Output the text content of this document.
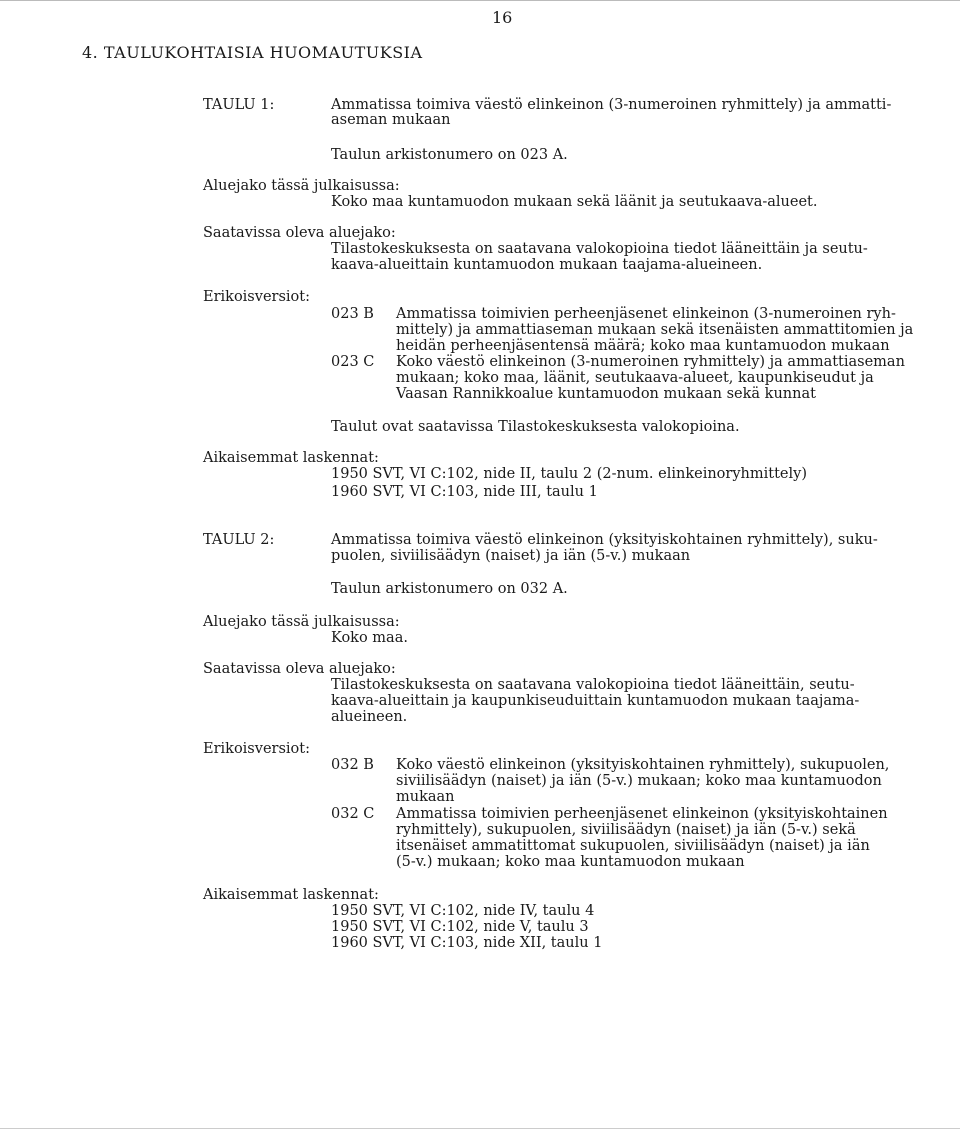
16
4. TAULUKOHTAISIA HUOMAUTUKSIA
TAULU 1:	Ammatissa toimiva väestö elinkeinon (3-numeroinen ryhmittely) ja ammatti-
aseman mukaan
Taulun arkistonumero on 023 A.
Aluejako tässä julkaisussa:
Koko maa kuntamuodon mukaan sekä läänit ja seutukaava-alueet.
Saatavissa oleva aluejako:
Tilastokeskuksesta on saatavana valokopioina tiedot lääneittäin ja seutu-
kaava-alueittain kuntamuodon mukaan taajama-alueineen.
Erikoisversiot:
023 B Ammatissa toimivien perheenjäsenet elinkeinon (3-numeroinen ryh-
mittely) ja ammattiaseman mukaan sekä itsenäisten ammattitomien ja
heidän perheenjäsentensä määrä; koko maa kuntamuodon mukaan
023 C Koko väestö elinkeinon (3-numeroinen ryhmittely) ja ammattiaseman
mukaan; koko maa, läänit, seutukaava-alueet, kaupunkiseudut ja
Vaasan Rannikkoalue kuntamuodon mukaan sekä kunnat
Taulut ovat saatavissa Tilastokeskuksesta valokopioina.
Aikaisemmat laskennat:
1950 SVT, VI C:102, nide II, taulu 2 (2-num. elinkeinoryhmittely)
1960 SVT, VI C:103, nide III, taulu 1
TAULU 2:	Ammatissa toimiva väestö elinkeinon (yksityiskohtainen ryhmittely), suku-
puolen, siviilisäädyn (naiset) ja iän (5-v.) mukaan
Taulun arkistonumero on 032 A.
Aluejako tässä julkaisussa:
Koko maa.
Saatavissa oleva aluejako:
Tilastokeskuksesta on saatavana valokopioina tiedot lääneittäin, seutu-
kaava-alueittain ja kaupunkiseuduittain kuntamuodon mukaan taajama-
alueineen.
Erikoisversiot:
032 B Koko väestö elinkeinon (yksityiskohtainen ryhmittely), sukupuolen,
siviilisäädyn (naiset) ja iän (5-v.) mukaan; koko maa kuntamuodon
mukaan
032 C Ammatissa toimivien perheenjäsenet elinkeinon (yksityiskohtainen
ryhmittely), sukupuolen, siviilisäädyn (naiset) ja iän (5-v.) sekä
itsenäiset ammatittomat sukupuolen, siviilisäädyn (naiset) ja iän
(5-v.) mukaan; koko maa kuntamuodon mukaan
Aikaisemmat laskennat:
1950 SVT, VI C:102, nide IV, taulu 4
1950 SVT, VI C:102, nide V, taulu 3
1960 SVT, VI C:103, nide XII, taulu 1
